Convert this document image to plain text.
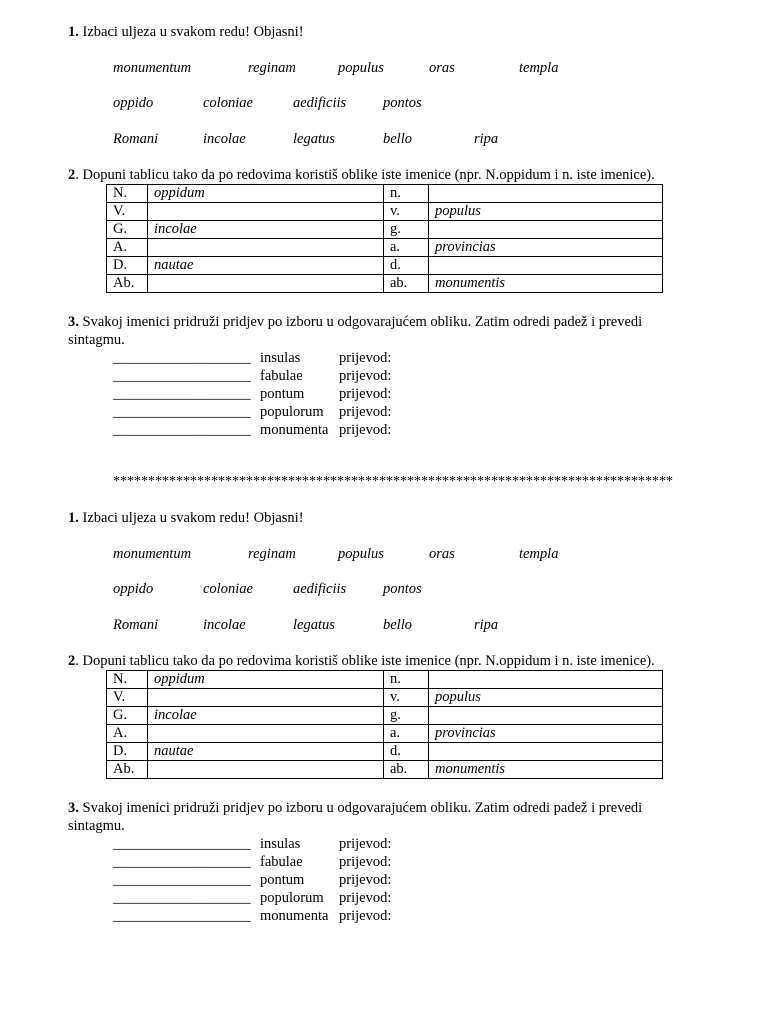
1. Izbaci uljeza u svakom redu! Objasni!
monumentum	reginam	populus	oras	templa
oppido	coloniae	aedificiis	pontos
Romani	incolae	legatus	bello	ripa
2. Dopuni tablicu tako da po redovima koristiš oblike iste imenice (npr. N.oppidum i n. iste imenice).
N.	oppidum	n.	
V.		v.	populus
G.	incolae	g.	
A.		a.	provincias
D.	nautae	d.	
Ab.		ab.	monumentis
3. Svakoj imenici pridruži pridjev po izboru u odgovarajućem obliku. Zatim odredi padež i prevedi sintagmu.
___________________ insulas	prijevod:
___________________ fabulae	prijevod:
___________________ pontum prijevod:
___________________ populorum prijevod:
___________________ monumenta prijevod:
********************************************************************************
1. Izbaci uljeza u svakom redu! Objasni!
monumentum	reginam	populus	oras	templa
oppido	coloniae	aedificiis	pontos
Romani	incolae	legatus	bello	ripa
2. Dopuni tablicu tako da po redovima koristiš oblike iste imenice (npr. N.oppidum i n. iste imenice).
N.	oppidum	n.	
V.		v.	populus
G.	incolae	g.	
A.		a.	provincias
D.	nautae	d.	
Ab.		ab.	monumentis
3. Svakoj imenici pridruži pridjev po izboru u odgovarajućem obliku. Zatim odredi padež i prevedi sintagmu.
___________________ insulas	prijevod:
___________________ fabulae	prijevod:
___________________ pontum prijevod:
___________________ populorum prijevod:
___________________ monumenta prijevod:
